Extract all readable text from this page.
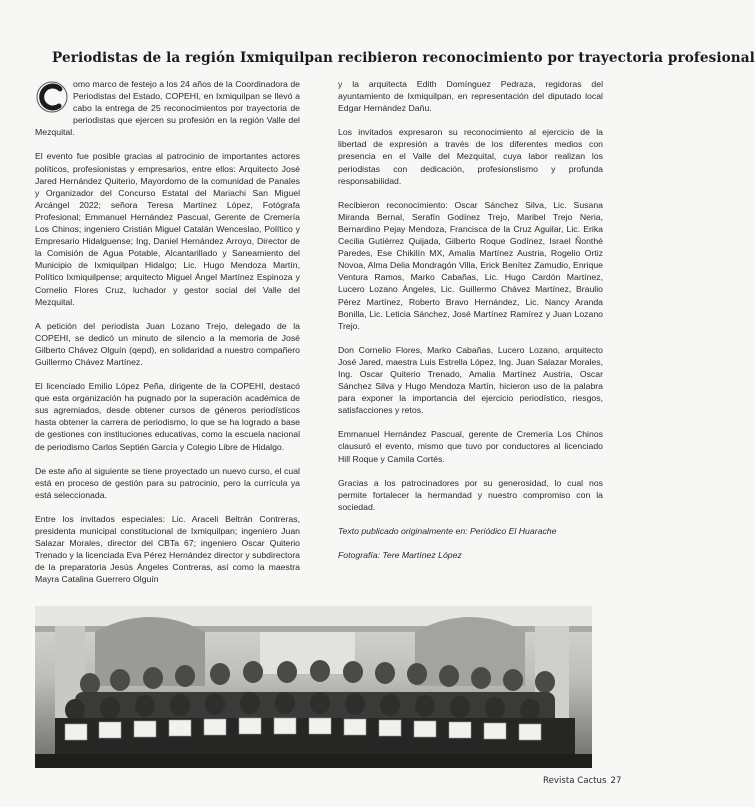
Periodistas de la región Ixmiquilpan recibieron reconocimiento por trayectoria profesional

omo marco de festejo a los 24 años de la Coordinadora de Periodistas del Estado, COPEHI, en Ixmiquilpan se llevó a cabo la entrega de 25 reconocimientos por trayectoria de periodistas que ejercen su profesión en la región Valle del Mezquital.

El evento fue posible gracias al patrocinio de importantes actores políticos, profesionistas y empresarios, entre ellos: Arquitecto José Jared Hernández Quiterio, Mayordomo de la comunidad de Panales y Organizador del Concurso Estatal del Mariachi San Miguel Arcángel 2022; señora Teresa Martínez López, Fotógrafa Profesional; Emmanuel Hernández Pascual, Gerente de Cremería Los Chinos; ingeniero Cristián Miguel Catalán Wenceslao, Político y Empresario Hidalguense; Ing, Daniel Hernández Arroyo, Director de la Comisión de Agua Potable, Alcantarillado y Saneamiento del Municipio de Ixmiquilpan Hidalgo; Lic. Hugo Mendoza Martín, Político Ixmiquilpense; arquitecto Miguel Ángel Martínez Espinoza y Cornelio Flores Cruz, luchador y gestor social del Valle del Mezquital.

A petición del periodista Juan Lozano Trejo, delegado de la COPEHI, se dedicó un minuto de silencio a la memoria de José Gilberto Chávez Olguín (qepd), en solidaridad a nuestro compañero Guillermo Chávez Martínez.

El licenciado Emilio López Peña, dirigente de la COPEHI, destacó que esta organización ha pugnado por la superación académica de sus agremiados, desde obtener cursos de géneros periodísticos hasta obtener la carrera de periodismo, lo que se ha logrado a base de gestiones con instituciones educativas, como la escuela nacional de periodismo Carlos Septién García y Colegio Libre de Hidalgo.

De este año al siguiente se tiene proyectado un nuevo curso, el cual está en proceso de gestión para su patrocinio, pero la currícula ya está seleccionada.

Entre los invitados especiales: Lic. Araceli Beltrán Contreras, presidenta municipal constitucional de Ixmiquilpan; ingeniero Juan Salazar Morales, director del CBTa 67; ingeniero Oscar Quiterio Trenado y la licenciada Eva Pérez Hernández director y subdirectora de la preparatoria Jesús Ángeles Contreras, así como la maestra Mayra Catalina Guerrero Olguín

y la arquitecta Edith Domínguez Pedraza, regidoras del ayuntamiento de Ixmiquilpan, en representación del diputado local Edgar Hernández Daňu.

Los invitados expresaron su reconocimiento al ejercicio de la libertad de expresión a través de los diferentes medios con presencia en el Valle del Mezquital, cuya labor realizan los periodistas con dedicación, profesionslismo y profunda responsabilidad.

Recibieron reconocimiento: Oscar Sánchez Silva, Lic. Susana Miranda Bernal, Serafín Godínez Trejo, Maribel Trejo Neria, Bernardino Pejay Mendoza, Francisca de la Cruz Aguilar, Lic. Erika Cecilia Gutiérrez Quijada, Gilberto Roque Godínez, Israel Ñonthé Paredes, Ese Chikilín MX, Amalia Martínez Austria, Rogelio Ortiz Novoa, Alma Delia Mondragón Villa, Erick Benítez Zamudio, Enrique Ventura Ramos, Marko Cabañas, Lic. Hugo Cardón Martínez, Lucero Lozano Ángeles, Lic. Guillermo Chávez Martínez, Braulio Pérez Martínez, Roberto Bravo Hernández, Lic. Nancy Aranda Bonilla, Lic. Leticia Sánchez, José Martínez Ramírez y Juan Lozano Trejo.

Don Cornelio Flores, Marko Cabañas, Lucero Lozano, arquitecto José Jared, maestra Luis Estrella López, Ing. Juan Salazar Morales, Ing. Oscar Quiterio Trenado, Amalia Martínez Austria, Oscar Sánchez Silva y Hugo Mendoza Martín, hicieron uso de la palabra para exponer la importancia del ejercicio periodístico, riesgos, satisfacciones y retos.

Emmanuel Hernández Pascual, gerente de Cremería Los Chinos clausuró el evento, mismo que tuvo por conductores al licenciado Hill Roque y Camila Cortés.

Gracias a los patrocinadores por su generosidad, lo cual nos permite fortalecer la hermandad y nuestro compromiso con la sociedad.

Texto publicado originalmente en: Periódico El Huarache

Fotografía: Tere Martínez López

Revista Cactus 27
